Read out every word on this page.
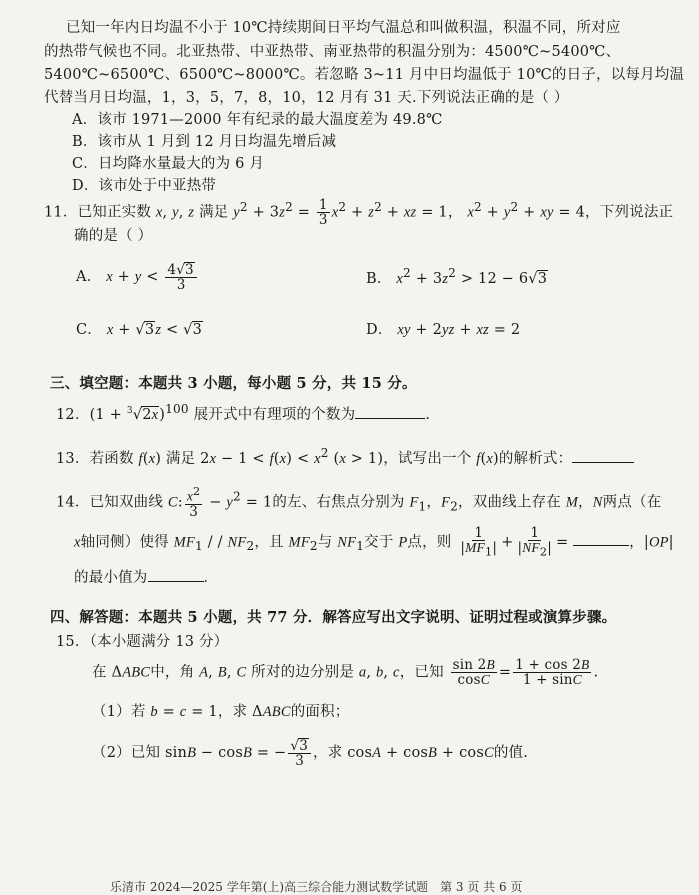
已知一年内日均温不小于 10℃持续期间日平均气温总和叫做积温，积温不同，所对应
的热带气候也不同。北亚热带、中亚热带、南亚热带的积温分别为：4500℃~5400℃、
5400℃~6500℃、6500℃~8000℃。若忽略 3~11 月中日均温低于 10℃的日子，以每月均温
代替当月日均温，1，3，5，7，8，10，12 月有 31 天.下列说法正确的是（ ）
A．该市 1971—2000 年有纪录的最大温度差为 49.8℃
B．该市从 1 月到 12 月日均温先增后减
C．日均降水量最大的为 6 月
D．该市处于中亚热带
11．已知正实数 x, y, z 满足 $y^2 + 3z^2 = \frac{1}{3} x^2 + z^2$ + xz = 1， $x^2 + y^2$ + xy = 4，下列说法正
确的是（ ）
A． $x + y < \frac{4√3}{3}$	B． $x^2 + 3z^2 > 12 - 6√3$
C． x + √3z < √3	D． xy + 2yz + xz = 2
三、填空题：本题共 3 小题，每小题 5 分，共 15 分。
12．$(1 + ^3√2x)^{100}$ 展开式中有理项的个数为	.
13．若函数 f(x) 满足 $2x - 1 < f(x) < x^2$ (x > 1)，试写出一个 f(x)的解析式：
14．已知双曲线 C: $\frac{x^2}{3} - y^2 = 1$的左、右焦点分别为 $F_1$，$F_2$，双曲线上存在 M，N两点（在
x轴同侧）使得 $MF_1$ / / $NF_2$，且 $MF_2$与 $NF_1$交于 P点，则 $\frac{1}{|MF_1|} + \frac{1}{|NF_2|}$ =	，|OP|
的最小值为	．
四、解答题：本题共 5 小题，共 77 分．解答应写出文字说明、证明过程或演算步骤。
15．（本小题满分 13 分）
在 ΔABC中，角 A, B, C 所对的边分别是 a, b, c，已知 $\frac{\sin 2B}{\cos C} = \frac{1 + \cos 2B}{1 + \sin C}$ .
（1）若 b = c = 1，求 ΔABC的面积；
（2）已知 sinB − cosB = − $\frac{√3}{3}$ ，求 cosA + cosB + cosC的值.
乐清市 2024—2025 学年第(上)高三综合能力测试数学试题　第 3 页 共 6 页
